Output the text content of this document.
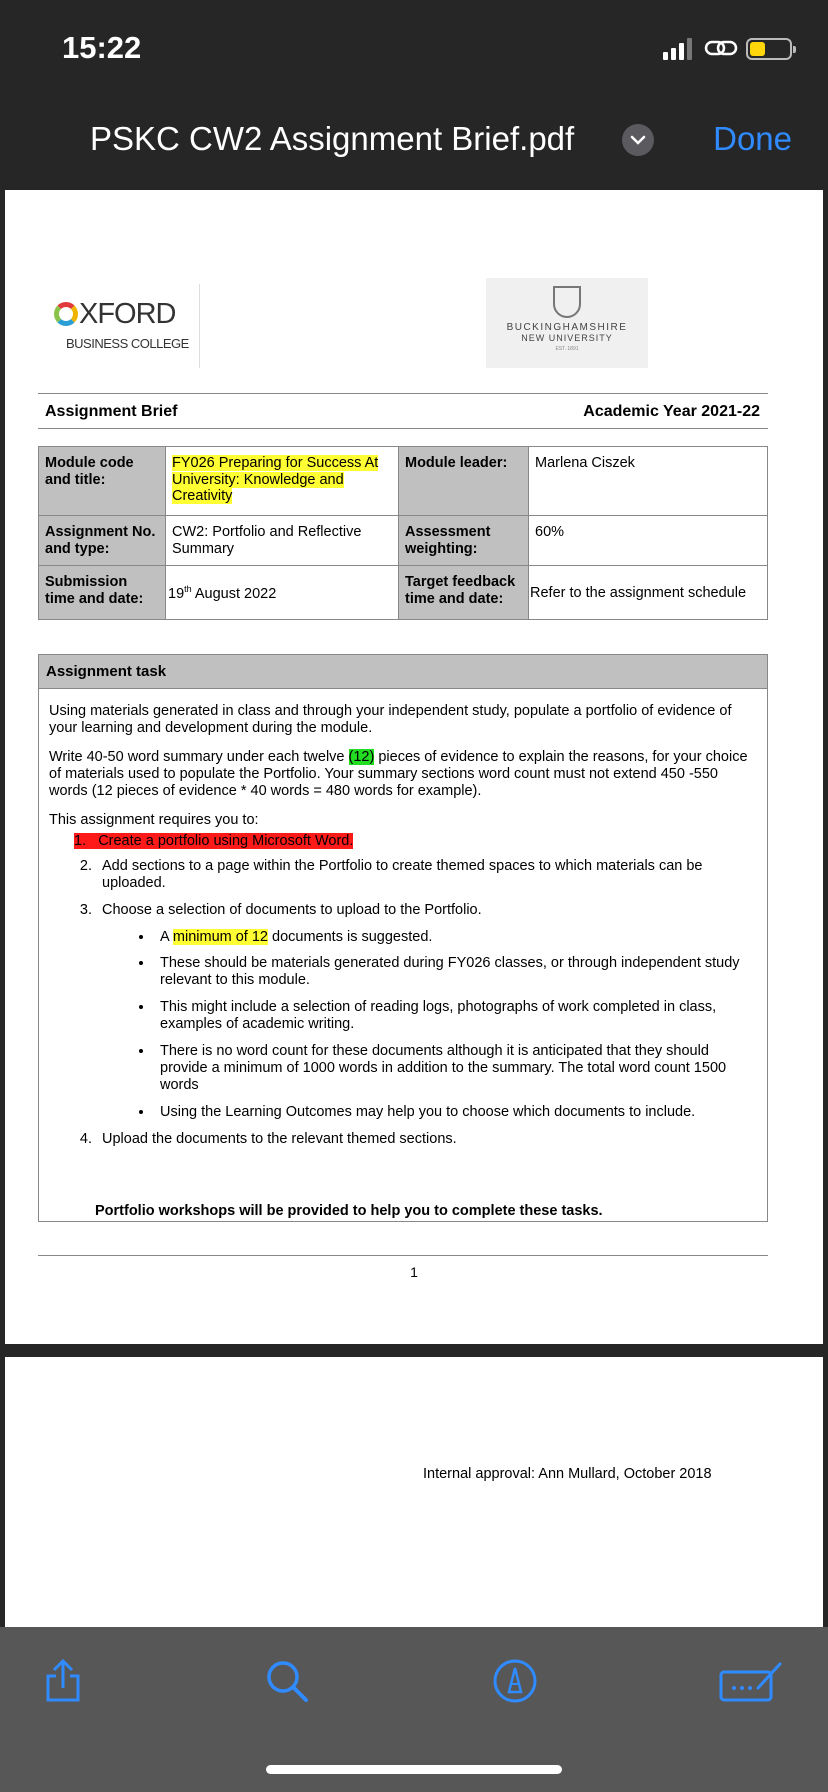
15:22
PSKC CW2 Assignment Brief.pdf	Done
XFORD
BUSINESS COLLEGE
BUCKINGHAMSHIRE
NEW UNIVERSITY
EST. 1891
Assignment Brief	Academic Year 2021-22
Module code and title:	FY026 Preparing for Success At University: Knowledge and Creativity	Module leader:	Marlena Ciszek
Assignment No. and type:	CW2: Portfolio and Reflective Summary	Assessment weighting:	60%
Submission time and date:	19th August 2022	Target feedback time and date:	Refer to the assignment schedule
Assignment task

Using materials generated in class and through your independent study, populate a portfolio of evidence of your learning and development during the module.

Write 40-50 word summary under each twelve (12) pieces of evidence to explain the reasons, for your choice of materials used to populate the Portfolio. Your summary sections word count must not extend 450 -550 words (12 pieces of evidence * 40 words = 480 words for example).

This assignment requires you to:

1. Create a portfolio using Microsoft Word.
2. Add sections to a page within the Portfolio to create themed spaces to which materials can be uploaded.
3. Choose a selection of documents to upload to the Portfolio.
• A minimum of 12 documents is suggested.
• These should be materials generated during FY026 classes, or through independent study relevant to this module.
• This might include a selection of reading logs, photographs of work completed in class, examples of academic writing.
• There is no word count for these documents although it is anticipated that they should provide a minimum of 1000 words in addition to the summary. The total word count 1500 words
• Using the Learning Outcomes may help you to choose which documents to include.
4. Upload the documents to the relevant themed sections.
Portfolio workshops will be provided to help you to complete these tasks.
1
Internal approval: Ann Mullard, October 2018
